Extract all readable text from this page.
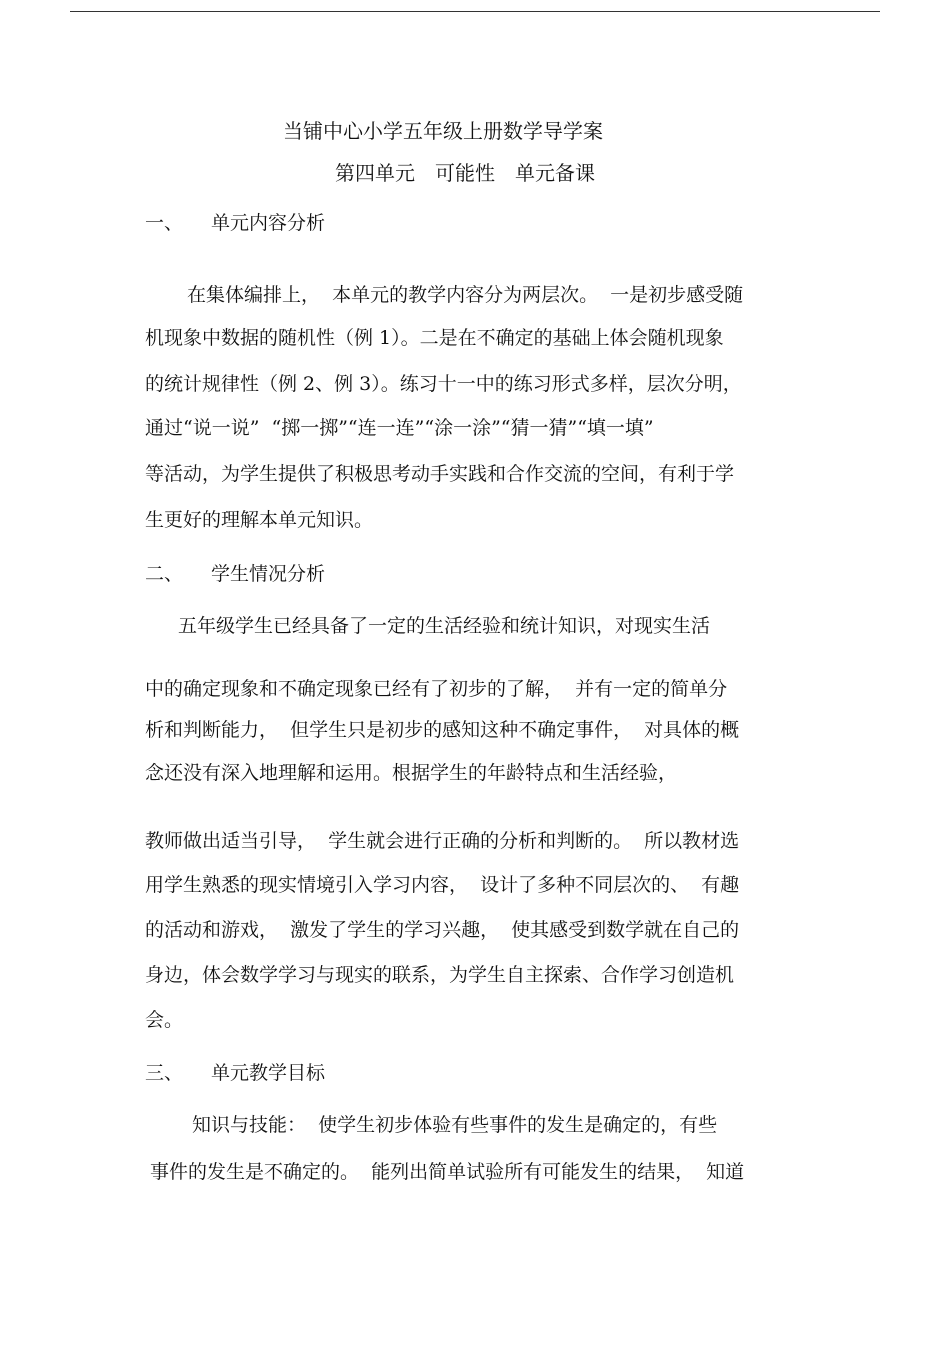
当铺中心小学五年级上册数学导学案
第四单元　可能性　单元备课
一、 单元内容分析
在集体编排上，  本单元的教学内容分为两层次。  一是初步感受随
机现象中数据的随机性（例 1）。二是在不确定的基础上体会随机现象
的统计规律性（例 2、例 3）。练习十一中的练习形式多样，层次分明，
通过“说一说”  “掷一掷”“连一连”“涂一涂”“猜一猜”“填一填”
等活动，为学生提供了积极思考动手实践和合作交流的空间，有利于学
生更好的理解本单元知识。
二、 学生情况分析
五年级学生已经具备了一定的生活经验和统计知识，对现实生活
中的确定现象和不确定现象已经有了初步的了解，  并有一定的简单分
析和判断能力，  但学生只是初步的感知这种不确定事件，  对具体的概
念还没有深入地理解和运用。根据学生的年龄特点和生活经验，
教师做出适当引导，  学生就会进行正确的分析和判断的。  所以教材选
用学生熟悉的现实情境引入学习内容，  设计了多种不同层次的、  有趣
的活动和游戏，  激发了学生的学习兴趣，  使其感受到数学就在自己的
身边，体会数学学习与现实的联系，为学生自主探索、合作学习创造机
会。
三、 单元教学目标
知识与技能：  使学生初步体验有些事件的发生是确定的，有些
事件的发生是不确定的。  能列出简单试验所有可能发生的结果，  知道
